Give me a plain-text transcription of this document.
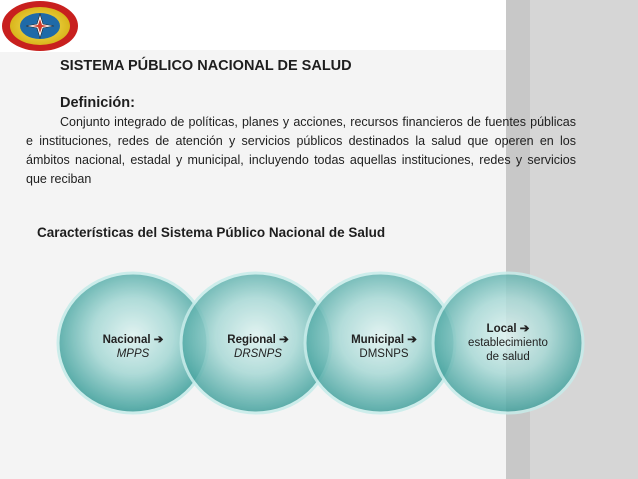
SISTEMA PÚBLICO NACIONAL DE SALUD
Definición:

Conjunto integrado de políticas, planes y acciones, recursos financieros de fuentes públicas e instituciones, redes de atención y servicios públicos destinados la salud que operen en los ámbitos nacional, estadal y municipal, incluyendo todas aquellas instituciones, redes y servicios que reciban

Características del Sistema Público Nacional de Salud
Nacional ➔
MPPS
Regional ➔
DRSNPS
Municipal ➔
DMSNPS
Local ➔
establecimiento
de salud
